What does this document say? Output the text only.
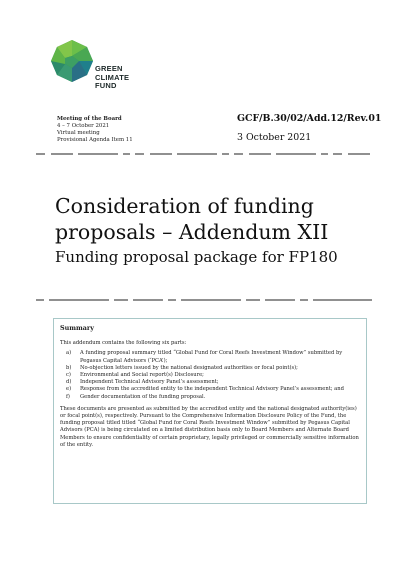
GREEN
CLIMATE
FUND
Meeting of the Board
4 – 7 October 2021
Virtual meeting
Provisional Agenda Item 11
GCF/B.30/02/Add.12/Rev.01
3 October 2021
Consideration of funding
proposals – Addendum XII
Funding proposal package for FP180
Summary
This addendum contains the following six parts:
a)	A funding proposal summary titled “Global Fund for Coral Reefs Investment Window” submitted by Pegasus Capital Advisors (‘PCA’);
b)	No-objection letters issued by the national designated authorities or focal point(s);
c)	Environmental and Social report(s) Disclosure;
d)	Independent Technical Advisory Panel’s assessment;
e)	Response from the accredited entity to the independent Technical Advisory Panel’s assessment; and
f)	Gender documentation of the funding proposal.

These documents are presented as submitted by the accredited entity and the national designated authority(ies) or focal point(s), respectively. Pursuant to the Comprehensive Information Disclosure Policy of the Fund, the funding proposal titled titled “Global Fund for Coral Reefs Investment Window” submitted by Pegasus Capital Advisors (PCA) is being circulated on a limited distribution basis only to Board Members and Alternate Board Members to ensure confidentiality of certain proprietary, legally privileged or commercially sensitive information of the entity.
